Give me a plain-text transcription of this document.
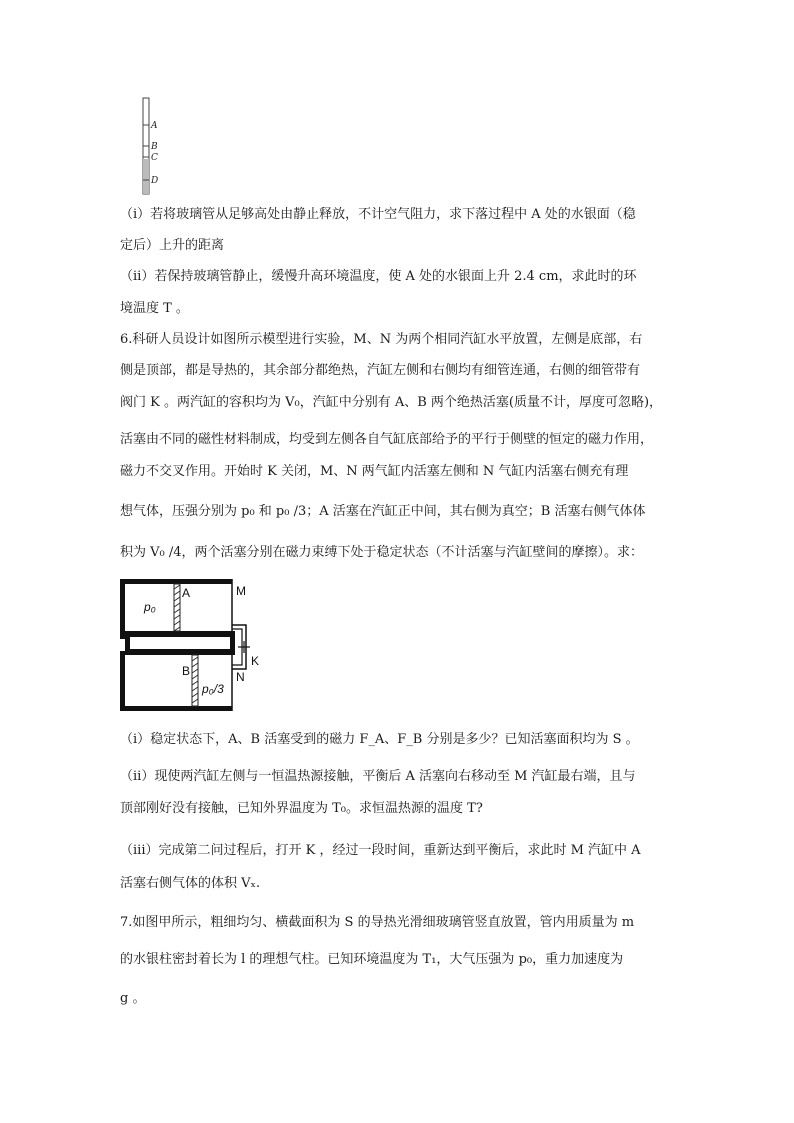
A
B
C
D
（ⅰ）若将玻璃管从足够高处由静止释放，不计空气阻力，求下落过程中 A 处的水银面（稳
定后）上升的距离
（ⅱ）若保持玻璃管静止，缓慢升高环境温度，使 A 处的水银面上升 2.4 cm，求此时的环
境温度 T 。
6.科研人员设计如图所示模型进行实验，M、N 为两个相同汽缸水平放置，左侧是底部，右
侧是顶部，都是导热的，其余部分都绝热，汽缸左侧和右侧均有细管连通，右侧的细管带有
阀门 K 。两汽缸的容积均为 V₀，汽缸中分别有 A、B 两个绝热活塞(质量不计，厚度可忽略)，
活塞由不同的磁性材料制成，均受到左侧各自气缸底部给予的平行于侧壁的恒定的磁力作用，
磁力不交叉作用。开始时 K 关闭，M、N 两气缸内活塞左侧和 N 气缸内活塞右侧充有理
想气体，压强分别为 p₀ 和 p₀ /3；A 活塞在汽缸正中间，其右侧为真空；B 活塞右侧气体体
积为 V₀ /4，两个活塞分别在磁力束缚下处于稳定状态（不计活塞与汽缸壁间的摩擦）。求：
A
B
M
N
K
p₀
p₀/3
（i）稳定状态下，A、B 活塞受到的磁力 F_A、F_B 分别是多少？已知活塞面积均为 S 。
（ii）现使两汽缸左侧与一恒温热源接触，平衡后 A 活塞向右移动至 M 汽缸最右端，且与
顶部刚好没有接触，已知外界温度为 T₀。求恒温热源的温度 T?
（iii）完成第二问过程后，打开 K ，经过一段时间，重新达到平衡后，求此时 M 汽缸中 A
活塞右侧气体的体积 Vₓ.
7.如图甲所示，粗细均匀、横截面积为 S 的导热光滑细玻璃管竖直放置，管内用质量为 m
的水银柱密封着长为 l 的理想气柱。已知环境温度为 T₁，大气压强为 p₀，重力加速度为
g 。
